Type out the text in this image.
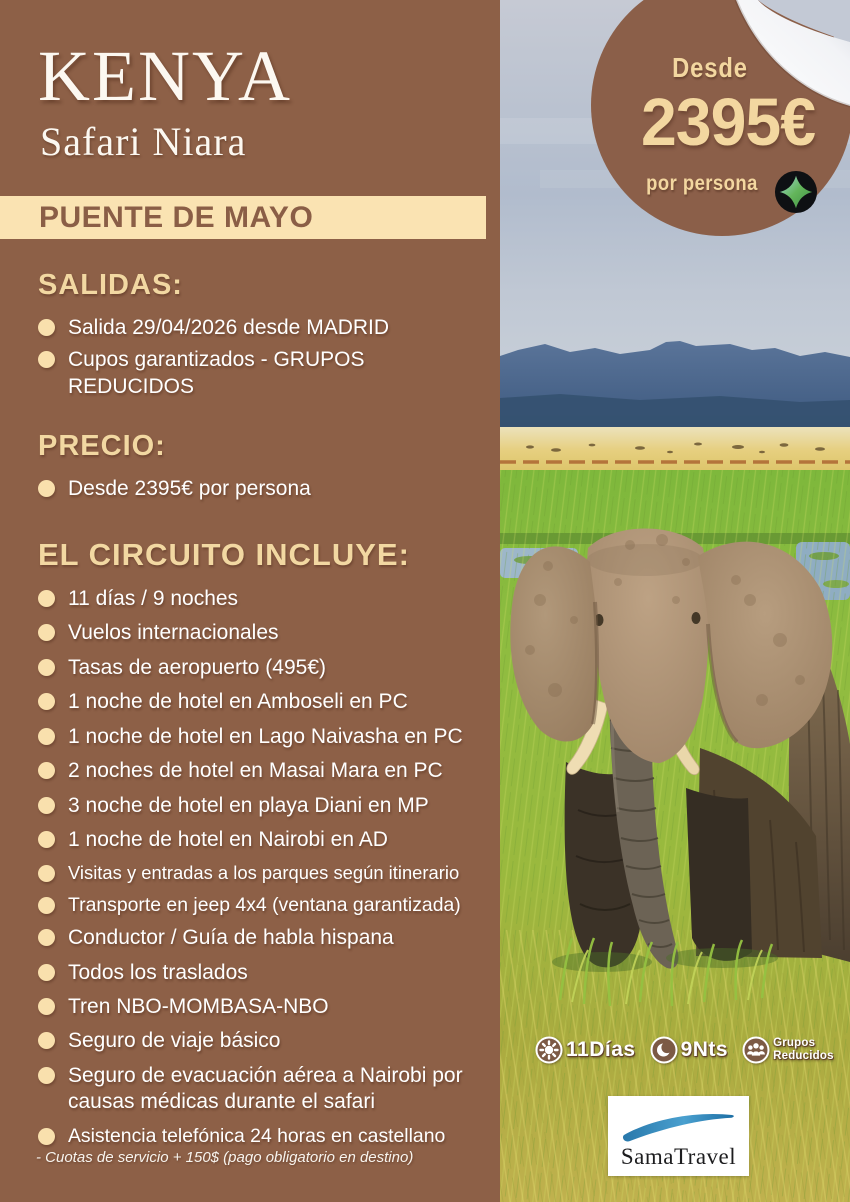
KENYA
Safari Niara
PUENTE DE MAYO
SALIDAS:
Salida 29/04/2026 desde MADRID
Cupos garantizados - GRUPOS REDUCIDOS
PRECIO:
Desde 2395€ por persona
EL CIRCUITO INCLUYE:
11 días / 9 noches
Vuelos internacionales
Tasas de aeropuerto (495€)
1 noche de hotel en Amboseli en PC
1 noche de hotel en Lago Naivasha en PC
2 noches de hotel en Masai Mara en PC
3 noche de hotel en playa Diani en MP
1 noche de hotel en Nairobi en AD
Visitas y entradas a los parques según itinerario
Transporte en jeep 4x4 (ventana garantizada)
Conductor / Guía de habla hispana
Todos los traslados
Tren NBO-MOMBASA-NBO
Seguro de viaje básico
Seguro de evacuación aérea a Nairobi por causas médicas durante el safari
Asistencia telefónica 24 horas en castellano
- Cuotas de servicio + 150$ (pago obligatorio en destino)
Desde
2395€
por persona
11Días 9Nts	Grupos Reducidos
SamaTravel
